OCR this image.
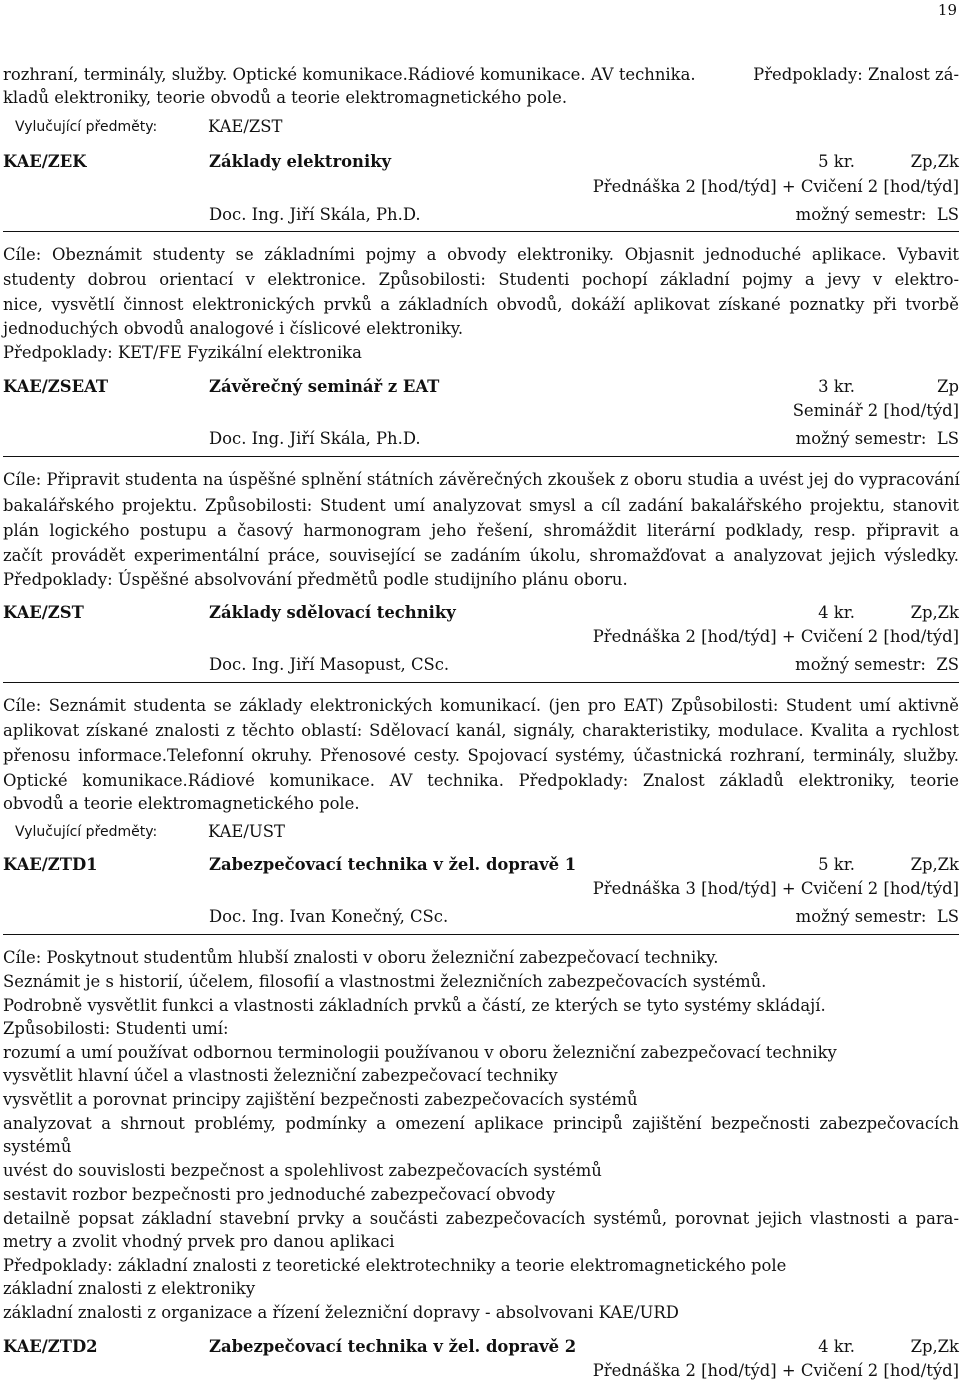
19
rozhraní, terminály, služby. Optické komunikace.Rádiové komunikace. AV technika.	Předpoklady: Znalost zá-
kladů elektroniky, teorie obvodů a teorie elektromagnetického pole.
Vylučující předměty:	KAE/ZST
KAE/ZEK	Základy elektroniky	5 kr.	Zp,Zk
Přednáška 2 [hod/týd] + Cvičení 2 [hod/týd]
Doc. Ing. Jiří Skála, Ph.D.	možný semestr: LS
Cíle: Obeznámit studenty se základními pojmy a obvody elektroniky. Objasnit jednoduché aplikace. Vybavit
studenty dobrou orientací v elektronice. Způsobilosti: Studenti pochopí základní pojmy a jevy v elektro-
nice, vysvětlí činnost elektronických prvků a základních obvodů, dokáží aplikovat získané poznatky při tvorbě
jednoduchých obvodů analogové i číslicové elektroniky.
Předpoklady: KET/FE Fyzikální elektronika
KAE/ZSEAT	Závěrečný seminář z EAT	3 kr.	Zp
Seminář 2 [hod/týd]
Doc. Ing. Jiří Skála, Ph.D.	možný semestr: LS
Cíle: Připravit studenta na úspěšné splnění státních závěrečných zkoušek z oboru studia a uvést jej do vypracování
bakalářského projektu. Způsobilosti: Student umí analyzovat smysl a cíl zadání bakalářského projektu, stanovit
plán logického postupu a časový harmonogram jeho řešení, shromáždit literární podklady, resp. připravit a
začít provádět experimentální práce, související se zadáním úkolu, shromažďovat a analyzovat jejich výsledky.
Předpoklady: Úspěšné absolvování předmětů podle studijního plánu oboru.
KAE/ZST	Základy sdělovací techniky	4 kr.	Zp,Zk
Přednáška 2 [hod/týd] + Cvičení 2 [hod/týd]
Doc. Ing. Jiří Masopust, CSc.	možný semestr: ZS
Cíle: Seznámit studenta se základy elektronických komunikací. (jen pro EAT) Způsobilosti: Student umí aktivně
aplikovat získané znalosti z těchto oblastí: Sdělovací kanál, signály, charakteristiky, modulace. Kvalita a rychlost
přenosu informace.Telefonní okruhy. Přenosové cesty. Spojovací systémy, účastnická rozhraní, terminály, služby.
Optické komunikace.Rádiové komunikace. AV technika. Předpoklady: Znalost základů elektroniky, teorie
obvodů a teorie elektromagnetického pole.
Vylučující předměty:	KAE/UST
KAE/ZTD1	Zabezpečovací technika v žel. dopravě 1	5 kr.	Zp,Zk
Přednáška 3 [hod/týd] + Cvičení 2 [hod/týd]
Doc. Ing. Ivan Konečný, CSc.	možný semestr: LS
Cíle: Poskytnout studentům hlubší znalosti v oboru železniční zabezpečovací techniky.
Seznámit je s historií, účelem, filosofií a vlastnostmi železničních zabezpečovacích systémů.
Podrobně vysvětlit funkci a vlastnosti základních prvků a částí, ze kterých se tyto systémy skládají.
Způsobilosti: Studenti umí:
rozumí a umí používat odbornou terminologii používanou v oboru železniční zabezpečovací techniky
vysvětlit hlavní účel a vlastnosti železniční zabezpečovací techniky
vysvětlit a porovnat principy zajištění bezpečnosti zabezpečovacích systémů
analyzovat a shrnout problémy, podmínky a omezení aplikace principů zajištění bezpečnosti zabezpečovacích
systémů
uvést do souvislosti bezpečnost a spolehlivost zabezpečovacích systémů
sestavit rozbor bezpečnosti pro jednoduché zabezpečovací obvody
detailně popsat základní stavební prvky a součásti zabezpečovacích systémů, porovnat jejich vlastnosti a para-
metry a zvolit vhodný prvek pro danou aplikaci
Předpoklady: základní znalosti z teoretické elektrotechniky a teorie elektromagnetického pole
základní znalosti z elektroniky
základní znalosti z organizace a řízení železniční dopravy - absolvovani KAE/URD
KAE/ZTD2	Zabezpečovací technika v žel. dopravě 2	4 kr.	Zp,Zk
Přednáška 2 [hod/týd] + Cvičení 2 [hod/týd]
